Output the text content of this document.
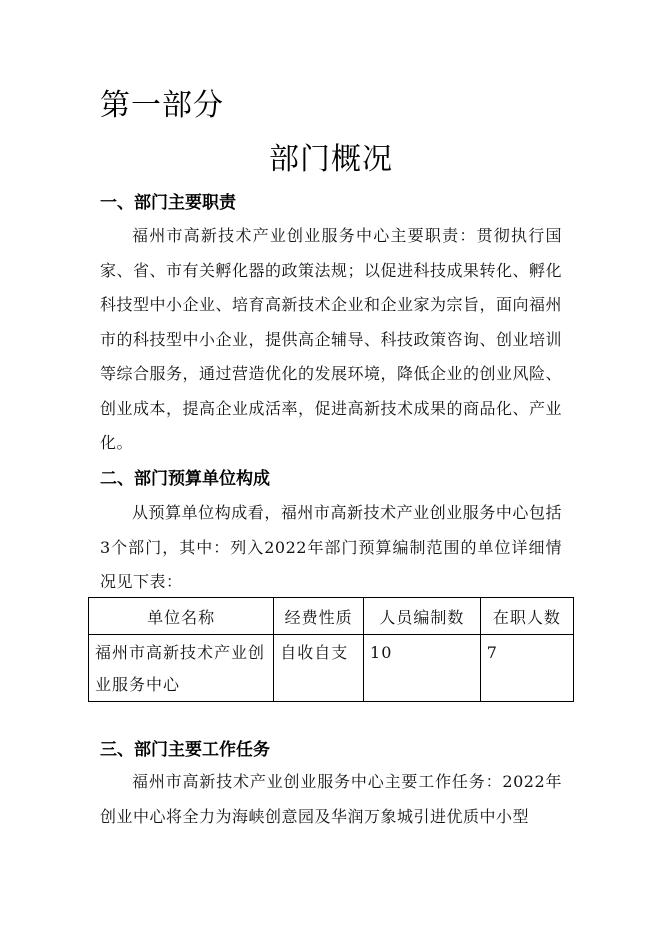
第一部分
部门概况
一、部门主要职责

福州市高新技术产业创业服务中心主要职责：贯彻执行国家、省、市有关孵化器的政策法规；以促进科技成果转化、孵化科技型中小企业、培育高新技术企业和企业家为宗旨，面向福州市的科技型中小企业，提供高企辅导、科技政策咨询、创业培训等综合服务，通过营造优化的发展环境，降低企业的创业风险、创业成本，提高企业成活率，促进高新技术成果的商品化、产业化。

二、部门预算单位构成

从预算单位构成看，福州市高新技术产业创业服务中心包括3个部门，其中：列入2022年部门预算编制范围的单位详细情况见下表：

单位名称	经费性质	人员编制数	在职人数
福州市高新技术产业创业服务中心	自收自支	10	7
三、部门主要工作任务

福州市高新技术产业创业服务中心主要工作任务：2022年创业中心将全力为海峡创意园及华润万象城引进优质中小型
